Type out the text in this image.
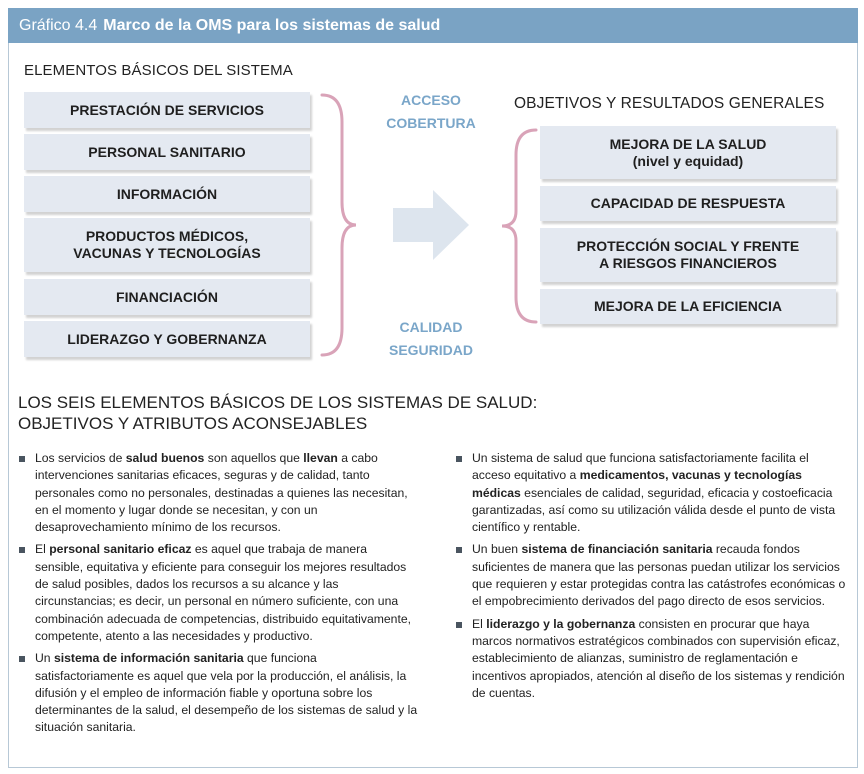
Gráfico 4.4 Marco de la OMS para los sistemas de salud
ELEMENTOS BÁSICOS DEL SISTEMA
PRESTACIÓN DE SERVICIOS
PERSONAL SANITARIO
INFORMACIÓN
PRODUCTOS MÉDICOS,
VACUNAS Y TECNOLOGÍAS
FINANCIACIÓN
LIDERAZGO Y GOBERNANZA
ACCESO
COBERTURA
CALIDAD
SEGURIDAD
OBJETIVOS Y RESULTADOS GENERALES
MEJORA DE LA SALUD
(nivel y equidad)
CAPACIDAD DE RESPUESTA
PROTECCIÓN SOCIAL Y FRENTE
A RIESGOS FINANCIEROS
MEJORA DE LA EFICIENCIA
LOS SEIS ELEMENTOS BÁSICOS DE LOS SISTEMAS DE SALUD:
OBJETIVOS Y ATRIBUTOS ACONSEJABLES
Los servicios de salud buenos son aquellos que llevan a cabo intervenciones sanitarias eficaces, seguras y de calidad, tanto personales como no personales, destinadas a quienes las necesitan, en el momento y lugar donde se necesitan, y con un desaprovechamiento mínimo de los recursos.
El personal sanitario eficaz es aquel que trabaja de manera sensible, equitativa y eficiente para conseguir los mejores resultados de salud posibles, dados los recursos a su alcance y las circunstancias; es decir, un personal en número suficiente, con una combinación adecuada de competencias, distribuido equitativamente, competente, atento a las necesidades y productivo.
Un sistema de información sanitaria que funciona satisfactoriamente es aquel que vela por la producción, el análisis, la difusión y el empleo de información fiable y oportuna sobre los determinantes de la salud, el desempeño de los sistemas de salud y la situación sanitaria.
Un sistema de salud que funciona satisfactoriamente facilita el acceso equitativo a medicamentos, vacunas y tecnologías médicas esenciales de calidad, seguridad, eficacia y costoeficacia garantizadas, así como su utilización válida desde el punto de vista científico y rentable.
Un buen sistema de financiación sanitaria recauda fondos suficientes de manera que las personas puedan utilizar los servicios que requieren y estar protegidas contra las catástrofes económicas o el empobrecimiento derivados del pago directo de esos servicios.
El liderazgo y la gobernanza consisten en procurar que haya marcos normativos estratégicos combinados con supervisión eficaz, establecimiento de alianzas, suministro de reglamentación e incentivos apropiados, atención al diseño de los sistemas y rendición de cuentas.
